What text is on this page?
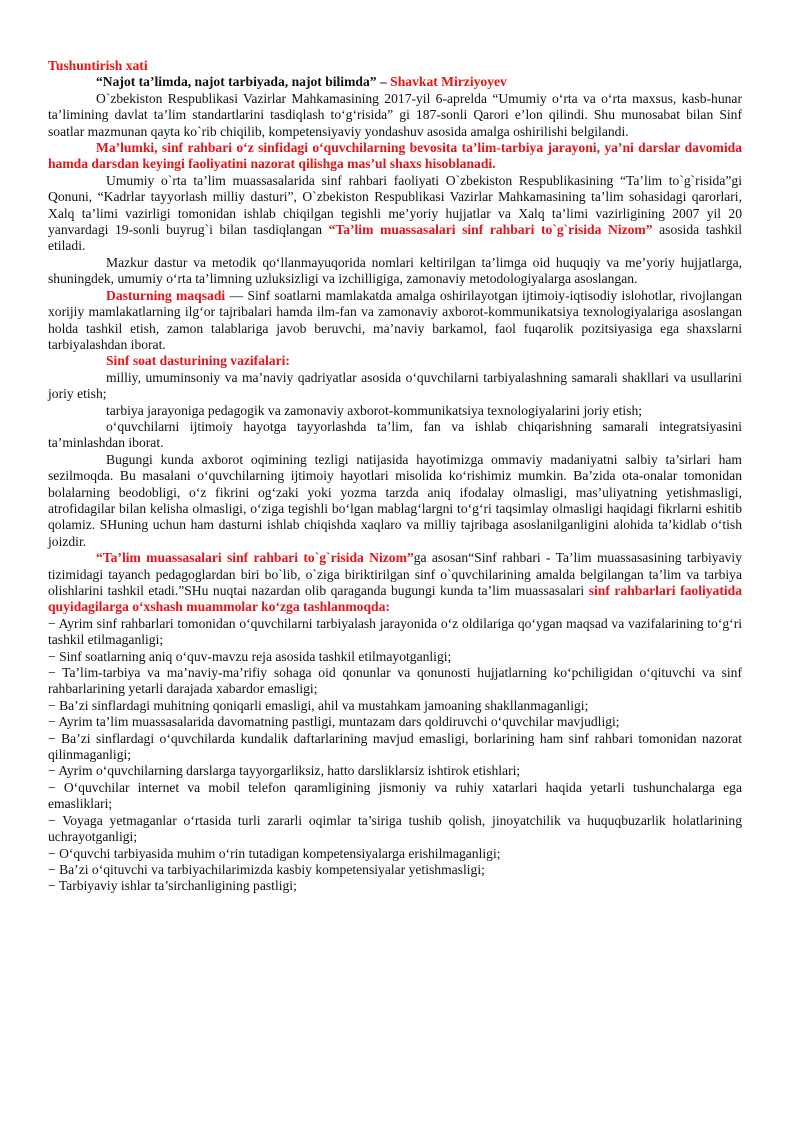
Tushuntirish xati

“Najot ta’limda, najot tarbiyada, najot bilimda” – Shavkat Mirziyoyev

O`zbekiston Respublikasi Vazirlar Mahkamasining 2017-yil 6-aprelda “Umumiy o‘rta va o‘rta maxsus, kasb-hunar ta’limining davlat ta’lim standartlarini tasdiqlash to‘g‘risida” gi 187-sonli Qarori e’lon qilindi. Shu munosabat bilan Sinf soatlar mazmunan qayta ko`rib chiqilib, kompetensiyaviy yondashuv asosida amalga oshirilishi belgilandi.

Ma’lumki, sinf rahbari o‘z sinfidagi o‘quvchilarning bevosita ta’lim-tarbiya jarayoni, ya’ni darslar davomida hamda darsdan keyingi faoliyatini nazorat qilishga mas’ul shaxs hisoblanadi.

Umumiy o`rta ta’lim muassasalarida sinf rahbari faoliyati O`zbekiston Respublikasining “Ta’lim to`g`risida”gi Qonuni, “Kadrlar tayyorlash milliy dasturi”, O`zbekiston Respublikasi Vazirlar Mahkamasining ta’lim sohasidagi qarorlari, Xalq ta’limi vazirligi tomonidan ishlab chiqilgan tegishli me’yoriy hujjatlar va Xalq ta’limi vazirligining 2007 yil 20 yanvardagi 19-sonli buyrug`i bilan tasdiqlangan “Ta’lim muassasalari sinf rahbari to`g`risida Nizom” asosida tashkil etiladi.

Mazkur dastur va metodik qo‘llanmayuqorida nomlari keltirilgan ta’limga oid huquqiy va me’yoriy hujjatlarga, shuningdek, umumiy o‘rta ta’limning uzluksizligi va izchilligiga, zamonaviy metodologiyalarga asoslangan.

Dasturning maqsadi — Sinf soatlarni mamlakatda amalga oshirilayotgan ijtimoiy-iqtisodiy islohotlar, rivojlangan xorijiy mamlakatlarning ilg‘or tajribalari hamda ilm-fan va zamonaviy axborot-kommunikatsiya texnologiyalariga asoslangan holda tashkil etish, zamon talablariga javob beruvchi, ma’naviy barkamol, faol fuqarolik pozitsiyasiga ega shaxslarni tarbiyalashdan iborat.

Sinf soat dasturining vazifalari:

milliy, umuminsoniy va ma’naviy qadriyatlar asosida o‘quvchilarni tarbiyalashning samarali shakllari va usullarini joriy etish;

tarbiya jarayoniga pedagogik va zamonaviy axborot-kommunikatsiya texnologiyalarini joriy etish;

o‘quvchilarni ijtimoiy hayotga tayyorlashda ta’lim, fan va ishlab chiqarishning samarali integratsiyasini ta’minlashdan iborat.

Bugungi kunda axborot oqimining tezligi natijasida hayotimizga ommaviy madaniyatni salbiy ta’sirlari ham sezilmoqda. Bu masalani o‘quvchilarning ijtimoiy hayotlari misolida ko‘rishimiz mumkin. Ba’zida ota-onalar tomonidan bolalarning beodobligi, o‘z fikrini og‘zaki yoki yozma tarzda aniq ifodalay olmasligi, mas’uliyatning yetishmasligi, atrofidagilar bilan kelisha olmasligi, o‘ziga tegishli bo‘lgan mablag‘largni to‘g‘ri taqsimlay olmasligi haqidagi fikrlarni eshitib qolamiz. SHuning uchun ham dasturni ishlab chiqishda xaqlaro va milliy tajribaga asoslanilganligini alohida ta’kidlab o‘tish joizdir.

“Ta’lim muassasalari sinf rahbari to`g`risida Nizom”ga asosan“Sinf rahbari - Ta’lim muassasasining tarbiyaviy tizimidagi tayanch pedagoglardan biri bo`lib, o`ziga biriktirilgan sinf o`quvchilarining amalda belgilangan ta’lim va tarbiya olishlarini tashkil etadi.”SHu nuqtai nazardan olib qaraganda bugungi kunda ta’lim muassasalari sinf rahbarlari faoliyatida quyidagilarga o‘xshash muammolar ko‘zga tashlanmoqda:

− Ayrim sinf rahbarlari tomonidan o‘quvchilarni tarbiyalash jarayonida o‘z oldilariga qo‘ygan maqsad va vazifalarining to‘g‘ri tashkil etilmaganligi;
− Sinf soatlarning aniq o‘quv-mavzu reja asosida tashkil etilmayotganligi;
− Ta’lim-tarbiya va ma’naviy-ma’rifiy sohaga oid qonunlar va qonunosti hujjatlarning ko‘pchiligidan o‘qituvchi va sinf rahbarlarining yetarli darajada xabardor emasligi;
− Ba’zi sinflardagi muhitning qoniqarli emasligi, ahil va mustahkam jamoaning shakllanmaganligi;
− Ayrim ta’lim muassasalarida davomatning pastligi, muntazam dars qoldiruvchi o‘quvchilar mavjudligi;
− Ba’zi sinflardagi o‘quvchilarda kundalik daftarlarining mavjud emasligi, borlarining ham sinf rahbari tomonidan nazorat qilinmaganligi;
− Ayrim o‘quvchilarning darslarga tayyorgarliksiz, hatto darsliklarsiz ishtirok etishlari;
− O‘quvchilar internet va mobil telefon qaramligining jismoniy va ruhiy xatarlari haqida yetarli tushunchalarga ega emasliklari;
− Voyaga yetmaganlar o‘rtasida turli zararli oqimlar ta’siriga tushib qolish, jinoyatchilik va huquqbuzarlik holatlarining uchrayotganligi;
− O‘quvchi tarbiyasida muhim o‘rin tutadigan kompetensiyalarga erishilmaganligi;
− Ba’zi o‘qituvchi va tarbiyachilarimizda kasbiy kompetensiyalar yetishmasligi;
− Tarbiyaviy ishlar ta’sirchanligining pastligi;
